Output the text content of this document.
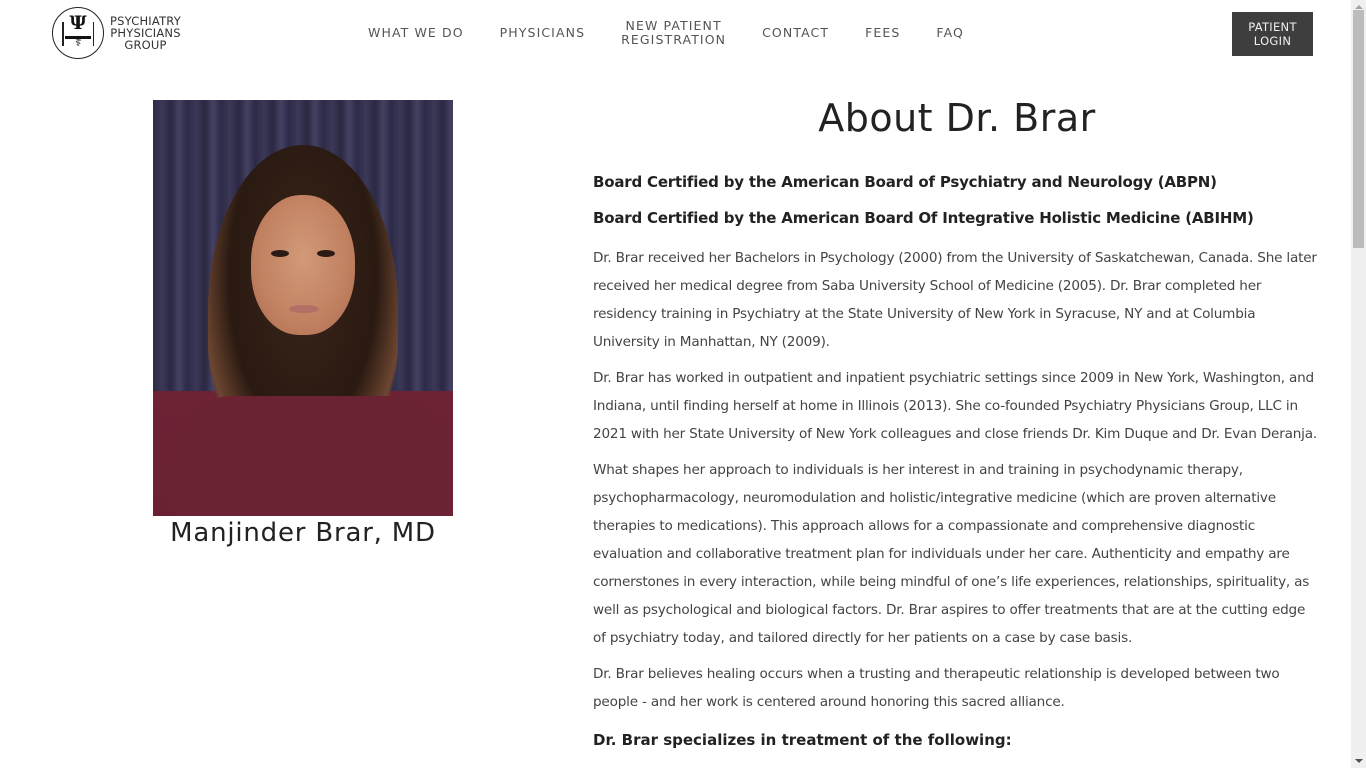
Ψ
⚕
PSYCHIATRY
PHYSICIANS
GROUP
WHAT WE DO	PHYSICIANS	NEW PATIENT
REGISTRATION	CONTACT	FEES	FAQ	PATIENT
LOGIN
Manjinder Brar, MD
About Dr. Brar
Board Certified by the American Board of Psychiatry and Neurology (ABPN)
Board Certified by the American Board Of Integrative Holistic Medicine (ABIHM)

Dr. Brar received her Bachelors in Psychology (2000) from the University of Saskatchewan, Canada. She later received her medical degree from Saba University School of Medicine (2005). Dr. Brar completed her residency training in Psychiatry at the State University of New York in Syracuse, NY and at Columbia University in Manhattan, NY (2009).

Dr. Brar has worked in outpatient and inpatient psychiatric settings since 2009 in New York, Washington, and Indiana, until finding herself at home in Illinois (2013). She co-founded Psychiatry Physicians Group, LLC in 2021 with her State University of New York colleagues and close friends Dr. Kim Duque and Dr. Evan Deranja.

What shapes her approach to individuals is her interest in and training in psychodynamic therapy, psychopharmacology, neuromodulation and holistic/integrative medicine (which are proven alternative therapies to medications). This approach allows for a compassionate and comprehensive diagnostic evaluation and collaborative treatment plan for individuals under her care. Authenticity and empathy are cornerstones in every interaction, while being mindful of one’s life experiences, relationships, spirituality, as well as psychological and biological factors. Dr. Brar aspires to offer treatments that are at the cutting edge of psychiatry today, and tailored directly for her patients on a case by case basis.

Dr. Brar believes healing occurs when a trusting and therapeutic relationship is developed between two people - and her work is centered around honoring this sacred alliance.

Dr. Brar specializes in treatment of the following:
